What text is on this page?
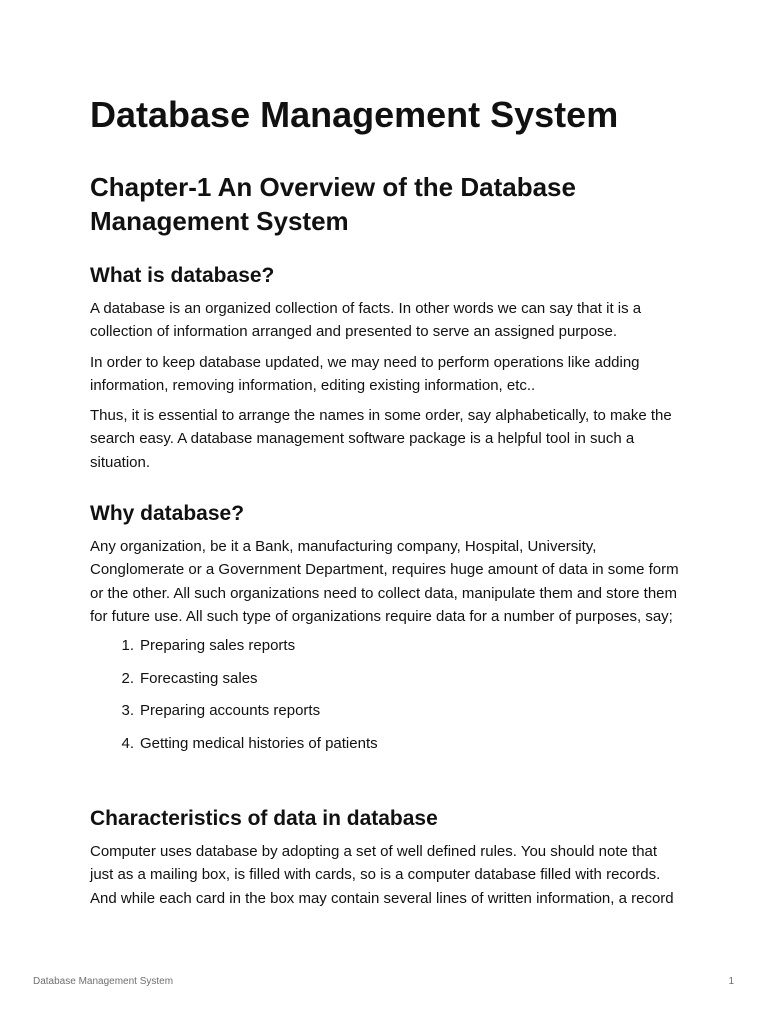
Database Management System
Chapter-1 An Overview of the Database Management System
What is database?

A database is an organized collection of facts. In other words we can say that it is a collection of information arranged and presented to serve an assigned purpose.

In order to keep database updated, we may need to perform operations like adding information, removing information, editing existing information, etc..

Thus, it is essential to arrange the names in some order, say alphabetically, to make the search easy. A database management software package is a helpful tool in such a situation.

Why database?

Any organization, be it a Bank, manufacturing company, Hospital, University, Conglomerate or a Government Department, requires huge amount of data in some form or the other. All such organizations need to collect data, manipulate them and store them for future use. All such type of organizations require data for a number of purposes, say;

1. Preparing sales reports
2. Forecasting sales
3. Preparing accounts reports
4. Getting medical histories of patients
Characteristics of data in database

Computer uses database by adopting a set of well defined rules. You should note that just as a mailing box, is filled with cards, so is a computer database filled with records. And while each card in the box may contain several lines of written information, a record

Database Management System	1
